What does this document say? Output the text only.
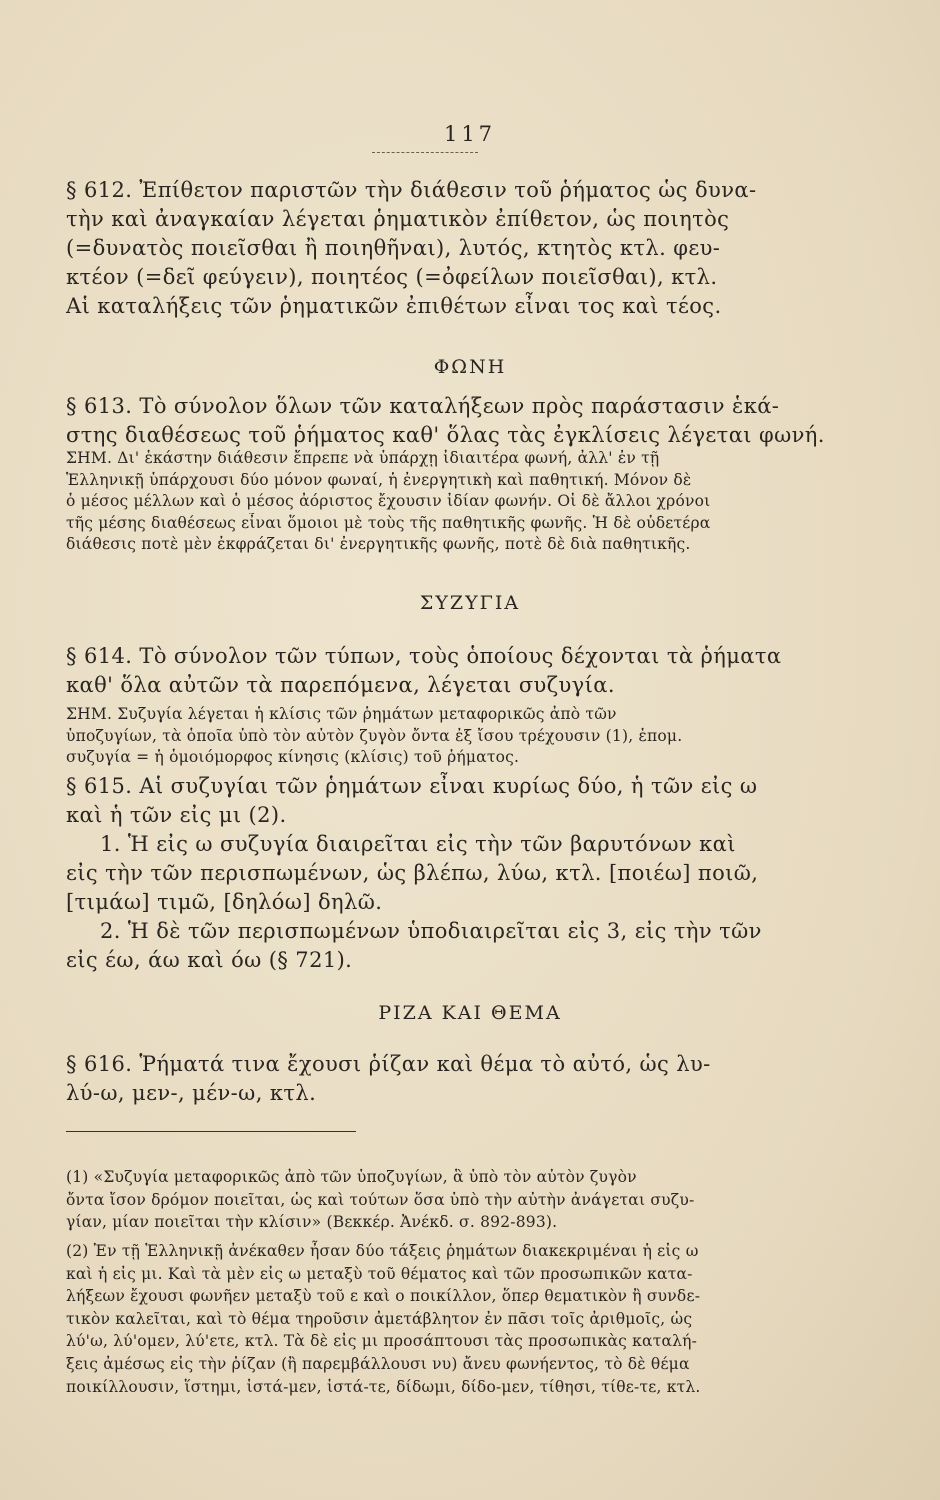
117
§ 612. Ἐπίθετον παριστῶν τὴν διάθεσιν τοῦ ῥήματος ὡς δυνα-
τὴν καὶ ἀναγκαίαν λέγεται ῥηματικὸν ἐπίθετον, ὡς ποιητὸς
(=δυνατὸς ποιεῖσθαι ἢ ποιηθῆναι), λυτός, κτητὸς κτλ. φευ-
κτέον (=δεῖ φεύγειν), ποιητέος (=ὀφείλων ποιεῖσθαι), κτλ.
Αἱ καταλήξεις τῶν ῥηματικῶν ἐπιθέτων εἶναι τος καὶ τέος.
ΦΩΝΗ
§ 613. Τὸ σύνολον ὅλων τῶν καταλήξεων πρὸς παράστασιν ἑκά-
στης διαθέσεως τοῦ ῥήματος καθ' ὅλας τὰς ἐγκλίσεις λέγεται φωνή.
ΣΗΜ. Δι' ἑκάστην διάθεσιν ἔπρεπε νὰ ὑπάρχῃ ἰδιαιτέρα φωνή, ἀλλ' ἐν τῇ
Ἑλληνικῇ ὑπάρχουσι δύο μόνον φωναί, ἡ ἐνεργητικὴ καὶ παθητική. Μόνον δὲ
ὁ μέσος μέλλων καὶ ὁ μέσος ἀόριστος ἔχουσιν ἰδίαν φωνήν. Οἱ δὲ ἄλλοι χρόνοι
τῆς μέσης διαθέσεως εἶναι ὅμοιοι μὲ τοὺς τῆς παθητικῆς φωνῆς. Ἡ δὲ οὐδετέρα
διάθεσις ποτὲ μὲν ἐκφράζεται δι' ἐνεργητικῆς φωνῆς, ποτὲ δὲ διὰ παθητικῆς.
ΣΥΖΥΓΙΑ
§ 614. Τὸ σύνολον τῶν τύπων, τοὺς ὁποίους δέχονται τὰ ῥήματα
καθ' ὅλα αὐτῶν τὰ παρεπόμενα, λέγεται συζυγία.
ΣΗΜ. Συζυγία λέγεται ἡ κλίσις τῶν ῥημάτων μεταφορικῶς ἀπὸ τῶν
ὑποζυγίων, τὰ ὁποῖα ὑπὸ τὸν αὐτὸν ζυγὸν ὄντα ἐξ ἴσου τρέχουσιν (1), ἑπομ.
συζυγία = ἡ ὁμοιόμορφος κίνησις (κλίσις) τοῦ ῥήματος.
§ 615. Αἱ συζυγίαι τῶν ῥημάτων εἶναι κυρίως δύο, ἡ τῶν εἰς ω
καὶ ἡ τῶν εἰς μι (2).
1. Ἡ εἰς ω συζυγία διαιρεῖται εἰς τὴν τῶν βαρυτόνων καὶ
εἰς τὴν τῶν περισπωμένων, ὡς βλέπω, λύω, κτλ. [ποιέω] ποιῶ,
[τιμάω] τιμῶ, [δηλόω] δηλῶ.
2. Ἡ δὲ τῶν περισπωμένων ὑποδιαιρεῖται εἰς 3, εἰς τὴν τῶν
εἰς έω, άω καὶ όω (§ 721).
ΡΙΖΑ ΚΑΙ ΘΕΜΑ
§ 616. Ῥήματά τινα ἔχουσι ῥίζαν καὶ θέμα τὸ αὐτό, ὡς λυ-
λύ-ω, μεν-, μέν-ω, κτλ.
(1) «Συζυγία μεταφορικῶς ἀπὸ τῶν ὑποζυγίων, ἃ ὑπὸ τὸν αὐτὸν ζυγὸν
ὄντα ἴσον δρόμον ποιεῖται, ὡς καὶ τούτων ὅσα ὑπὸ τὴν αὐτὴν ἀνάγεται συζυ-
γίαν, μίαν ποιεῖται τὴν κλίσιν» (Βεκκέρ. Ἀνέκδ. σ. 892-893).
(2) Ἐν τῇ Ἑλληνικῇ ἀνέκαθεν ἦσαν δύο τάξεις ῥημάτων διακεκριμέναι ἡ εἰς ω
καὶ ἡ εἰς μι. Καὶ τὰ μὲν εἰς ω μεταξὺ τοῦ θέματος καὶ τῶν προσωπικῶν κατα-
λήξεων ἔχουσι φωνῆεν μεταξὺ τοῦ ε καὶ ο ποικίλλον, ὅπερ θεματικὸν ἢ συνδε-
τικὸν καλεῖται, καὶ τὸ θέμα τηροῦσιν ἀμετάβλητον ἐν πᾶσι τοῖς ἀριθμοῖς, ὡς
λύ'ω, λύ'ομεν, λύ'ετε, κτλ. Τὰ δὲ εἰς μι προσάπτουσι τὰς προσωπικὰς καταλή-
ξεις ἀμέσως εἰς τὴν ῥίζαν (ἢ παρεμβάλλουσι νυ) ἄνευ φωνήεντος, τὸ δὲ θέμα
ποικίλλουσιν, ἵστημι, ἱστά-μεν, ἱστά-τε, δίδωμι, δίδο-μεν, τίθησι, τίθε-τε, κτλ.
